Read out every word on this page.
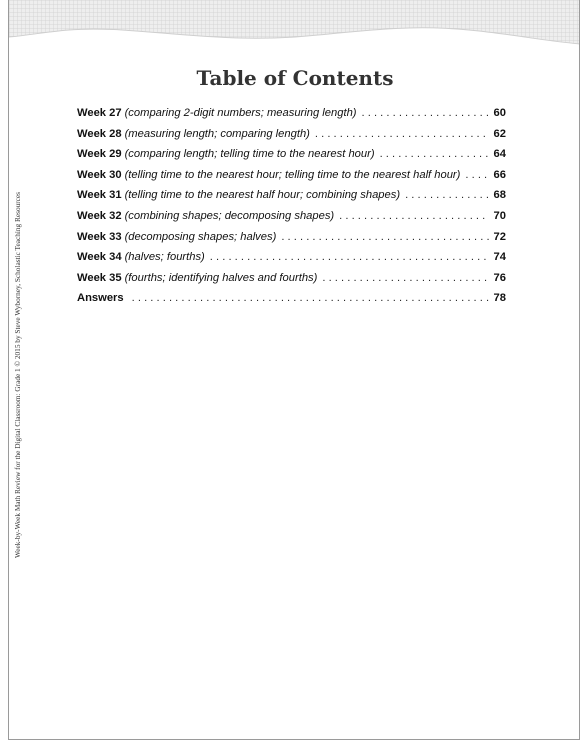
Table of Contents
Week 27 (comparing 2-digit numbers; measuring length) . . .	60
Week 28 (measuring length; comparing length) . . .	62
Week 29 (comparing length; telling time to the nearest hour) . . .	64
Week 30 (telling time to the nearest hour; telling time to the nearest half hour) . . .	66
Week 31 (telling time to the nearest half hour; combining shapes) . . .	68
Week 32 (combining shapes; decomposing shapes) . . .	70
Week 33 (decomposing shapes; halves) . . .	72
Week 34 (halves; fourths) . . .	74
Week 35 (fourths; identifying halves and fourths) . . .	76
Answers . . .	78
Week-by-Week Math Review for the Digital Classroom: Grade 1 © 2015 by Steve Wyborney, Scholastic Teaching Resources
